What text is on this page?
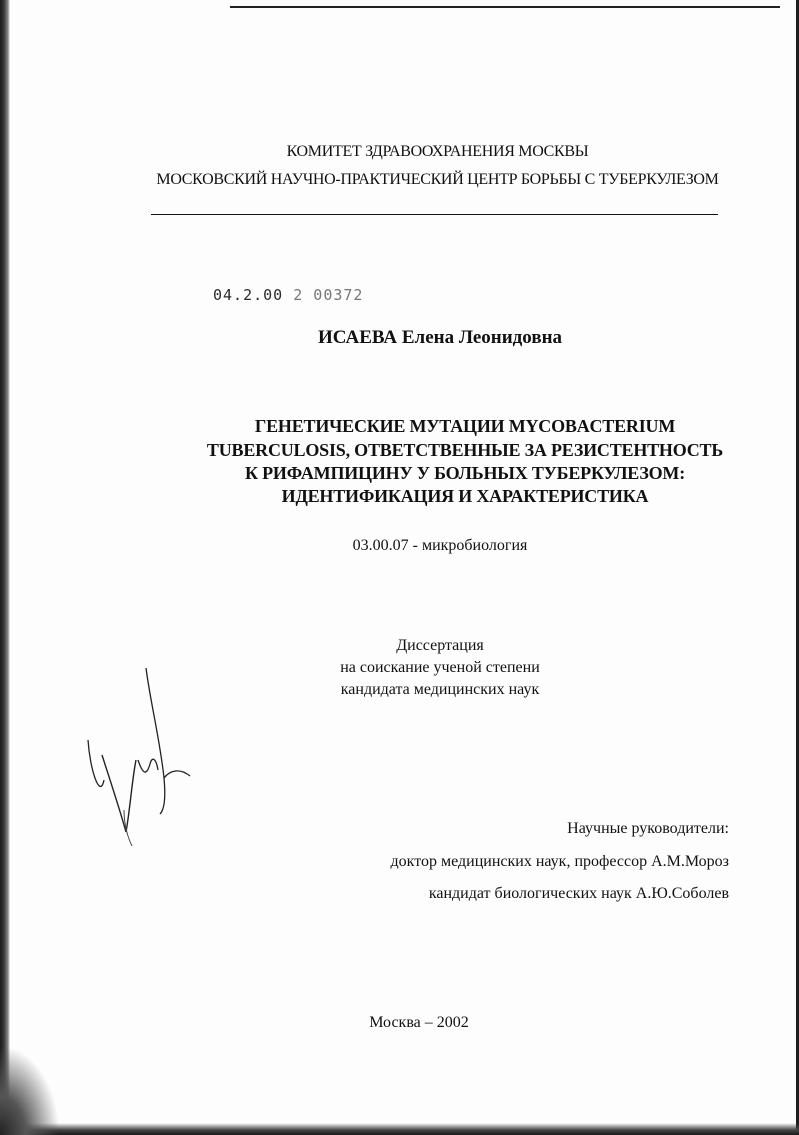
КОМИТЕТ ЗДРАВООХРАНЕНИЯ МОСКВЫ
МОСКОВСКИЙ НАУЧНО-ПРАКТИЧЕСКИЙ ЦЕНТР БОРЬБЫ С ТУБЕРКУЛЕЗОМ
04.2.00 2 00372
ИСАЕВА Елена Леонидовна
ГЕНЕТИЧЕСКИЕ МУТАЦИИ MYCOBACTERIUM
TUBERCULOSIS, ОТВЕТСТВЕННЫЕ ЗА РЕЗИСТЕНТНОСТЬ
К РИФАМПИЦИНУ У БОЛЬНЫХ ТУБЕРКУЛЕЗОМ:
ИДЕНТИФИКАЦИЯ И ХАРАКТЕРИСТИКА
03.00.07 - микробиология
Диссертация
на соискание ученой степени
кандидата медицинских наук
Научные руководители:
доктор медицинских наук, профессор А.М.Мороз
кандидат биологических наук А.Ю.Соболев
Москва – 2002
